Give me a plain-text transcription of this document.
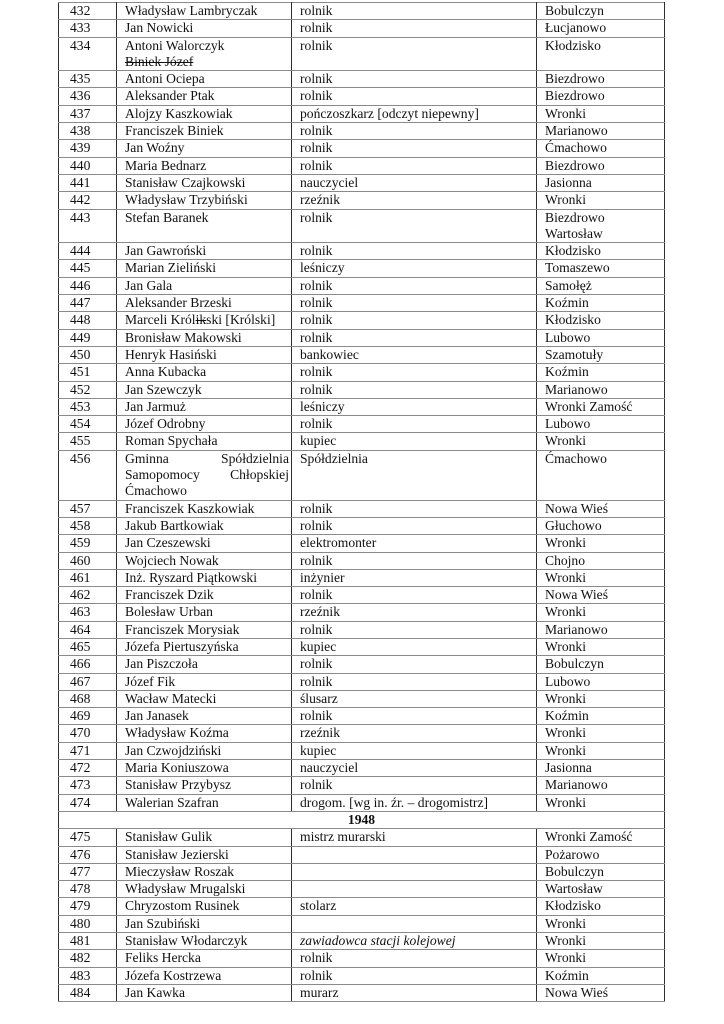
432	Władysław Lambryczak	rolnik	Bobulczyn
433	Jan Nowicki	rolnik	Łucjanowo
434	Antoni Walorczyk
Biniek Józef	rolnik	Kłodzisko
435	Antoni Ociepa	rolnik	Biezdrowo
436	Aleksander Ptak	rolnik	Biezdrowo
437	Alojzy Kaszkowiak	pończoszkarz [odczyt niepewny]	Wronki
438	Franciszek Biniek	rolnik	Marianowo
439	Jan Woźny	rolnik	Ćmachowo
440	Maria Bednarz	rolnik	Biezdrowo
441	Stanisław Czajkowski	nauczyciel	Jasionna
442	Władysław Trzybiński	rzeźnik	Wronki
443	Stefan Baranek	rolnik	Biezdrowo
Wartosław

444	Jan Gawroński	rolnik	Kłodzisko
445	Marian Zieliński	leśniczy	Tomaszewo
446	Jan Gala	rolnik	Samołęż
447	Aleksander Brzeski	rolnik	Koźmin
448	Marceli Królikski [Królski]	rolnik	Kłodzisko
449	Bronisław Makowski	rolnik	Lubowo
450	Henryk Hasiński	bankowiec	Szamotuły
451	Anna Kubacka	rolnik	Koźmin
452	Jan Szewczyk	rolnik	Marianowo
453	Jan Jarmuż	leśniczy	Wronki Zamość
454	Józef Odrobny	rolnik	Lubowo
455	Roman Spychała	kupiec	Wronki
456	Gminna Spółdzielnia
Samopomocy Chłopskiej
Ćmachowo	Spółdzielnia	Ćmachowo
457	Franciszek Kaszkowiak	rolnik	Nowa Wieś
458	Jakub Bartkowiak	rolnik	Głuchowo
459	Jan Czeszewski	elektromonter	Wronki
460	Wojciech Nowak	rolnik	Chojno
461	Inż. Ryszard Piątkowski	inżynier	Wronki
462	Franciszek Dzik	rolnik	Nowa Wieś
463	Bolesław Urban	rzeźnik	Wronki
464	Franciszek Morysiak	rolnik	Marianowo
465	Józefa Piertuszyńska	kupiec	Wronki
466	Jan Piszczoła	rolnik	Bobulczyn
467	Józef Fik	rolnik	Lubowo
468	Wacław Matecki	ślusarz	Wronki
469	Jan Janasek	rolnik	Koźmin
470	Władysław Koźma	rzeźnik	Wronki
471	Jan Czwojdziński	kupiec	Wronki
472	Maria Koniuszowa	nauczyciel	Jasionna
473	Stanisław Przybysz	rolnik	Marianowo
474	Walerian Szafran	drogom. [wg in. źr. – drogomistrz]	Wronki
1948			
475	Stanisław Gulik	mistrz murarski	Wronki Zamość
476	Stanisław Jezierski		Pożarowo
477	Mieczysław Roszak		Bobulczyn
478	Władysław Mrugalski		Wartosław
479	Chryzostom Rusinek	stolarz	Kłodzisko
480	Jan Szubiński		Wronki
481	Stanisław Włodarczyk	zawiadowca stacji kolejowej	Wronki
482	Feliks Hercka	rolnik	Wronki
483	Józefa Kostrzewa	rolnik	Koźmin
484	Jan Kawka	murarz	Nowa Wieś
